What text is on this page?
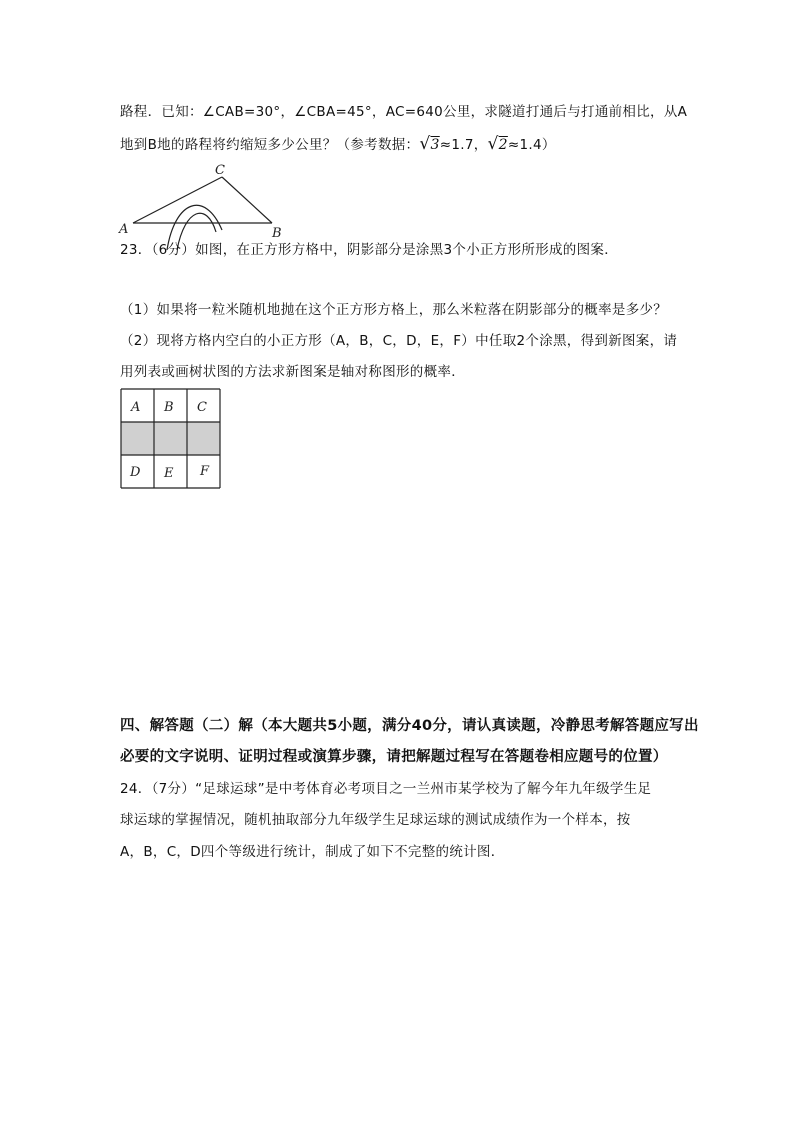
路程．已知：∠CAB=30°，∠CBA=45°，AC=640公里，求隧道打通后与打通前相比，从A
地到B地的路程将约缩短多少公里？（参考数据：√3≈1.7，√2≈1.4）
A	B
C
23．（6分）如图，在正方形方格中，阴影部分是涂黑3个小正方形所形成的图案．
（1）如果将一粒米随机地抛在这个正方形方格上，那么米粒落在阴影部分的概率是多少？
（2）现将方格内空白的小正方形（A，B，C，D，E，F）中任取2个涂黑，得到新图案，请
用列表或画树状图的方法求新图案是轴对称图形的概率．
A B C
D E F
四、解答题（二）解（本大题共5小题，满分40分，请认真读题，冷静思考解答题应写出
必要的文字说明、证明过程或演算步骤，请把解题过程写在答题卷相应题号的位置）
24．（7分）“足球运球”是中考体育必考项目之一兰州市某学校为了解今年九年级学生足
球运球的掌握情况，随机抽取部分九年级学生足球运球的测试成绩作为一个样本，按
A，B，C，D四个等级进行统计，制成了如下不完整的统计图．
